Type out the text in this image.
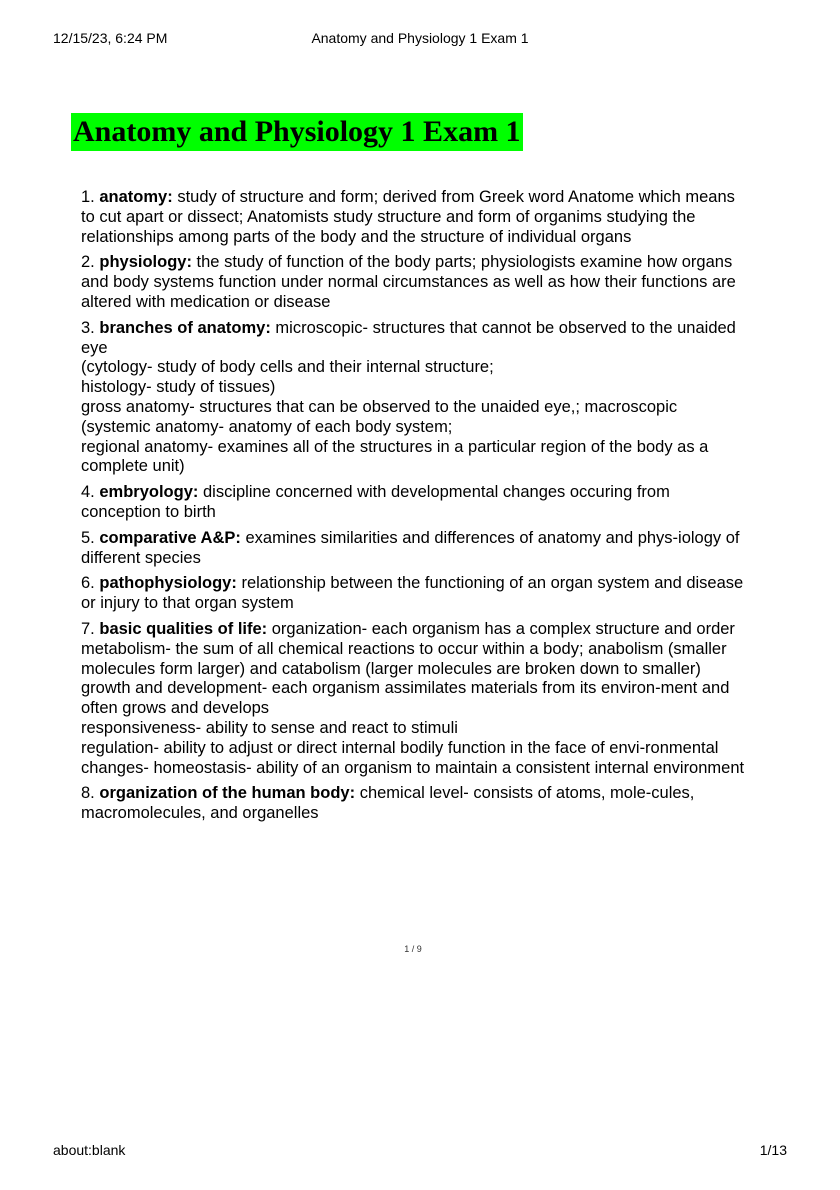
12/15/23, 6:24 PM	Anatomy and Physiology 1 Exam 1
Anatomy and Physiology 1 Exam 1
1. anatomy: study of structure and form; derived from Greek word Anatome which means to cut apart or dissect; Anatomists study structure and form of organims studying the relationships among parts of the body and the structure of individual organs
2. physiology: the study of function of the body parts; physiologists examine how organs and body systems function under normal circumstances as well as how their functions are altered with medication or disease
3. branches of anatomy: microscopic- structures that cannot be observed to the unaided eye
(cytology- study of body cells and their internal structure;
histology- study of tissues)
gross anatomy- structures that can be observed to the unaided eye,; macroscopic (systemic anatomy- anatomy of each body system;
regional anatomy- examines all of the structures in a particular region of the body as a complete unit)
4. embryology: discipline concerned with developmental changes occuring from conception to birth
5. comparative A&P: examines similarities and differences of anatomy and phys-iology of different species
6. pathophysiology: relationship between the functioning of an organ system and disease or injury to that organ system
7. basic qualities of life: organization- each organism has a complex structure and order
metabolism- the sum of all chemical reactions to occur within a body; anabolism (smaller molecules form larger) and catabolism (larger molecules are broken down to smaller)
growth and development- each organism assimilates materials from its environ-ment and often grows and develops
responsiveness- ability to sense and react to stimuli
regulation- ability to adjust or direct internal bodily function in the face of envi-ronmental changes- homeostasis- ability of an organism to maintain a consistent internal environment
8. organization of the human body: chemical level- consists of atoms, mole-cules, macromolecules, and organelles
1 / 9
about:blank	1/13
